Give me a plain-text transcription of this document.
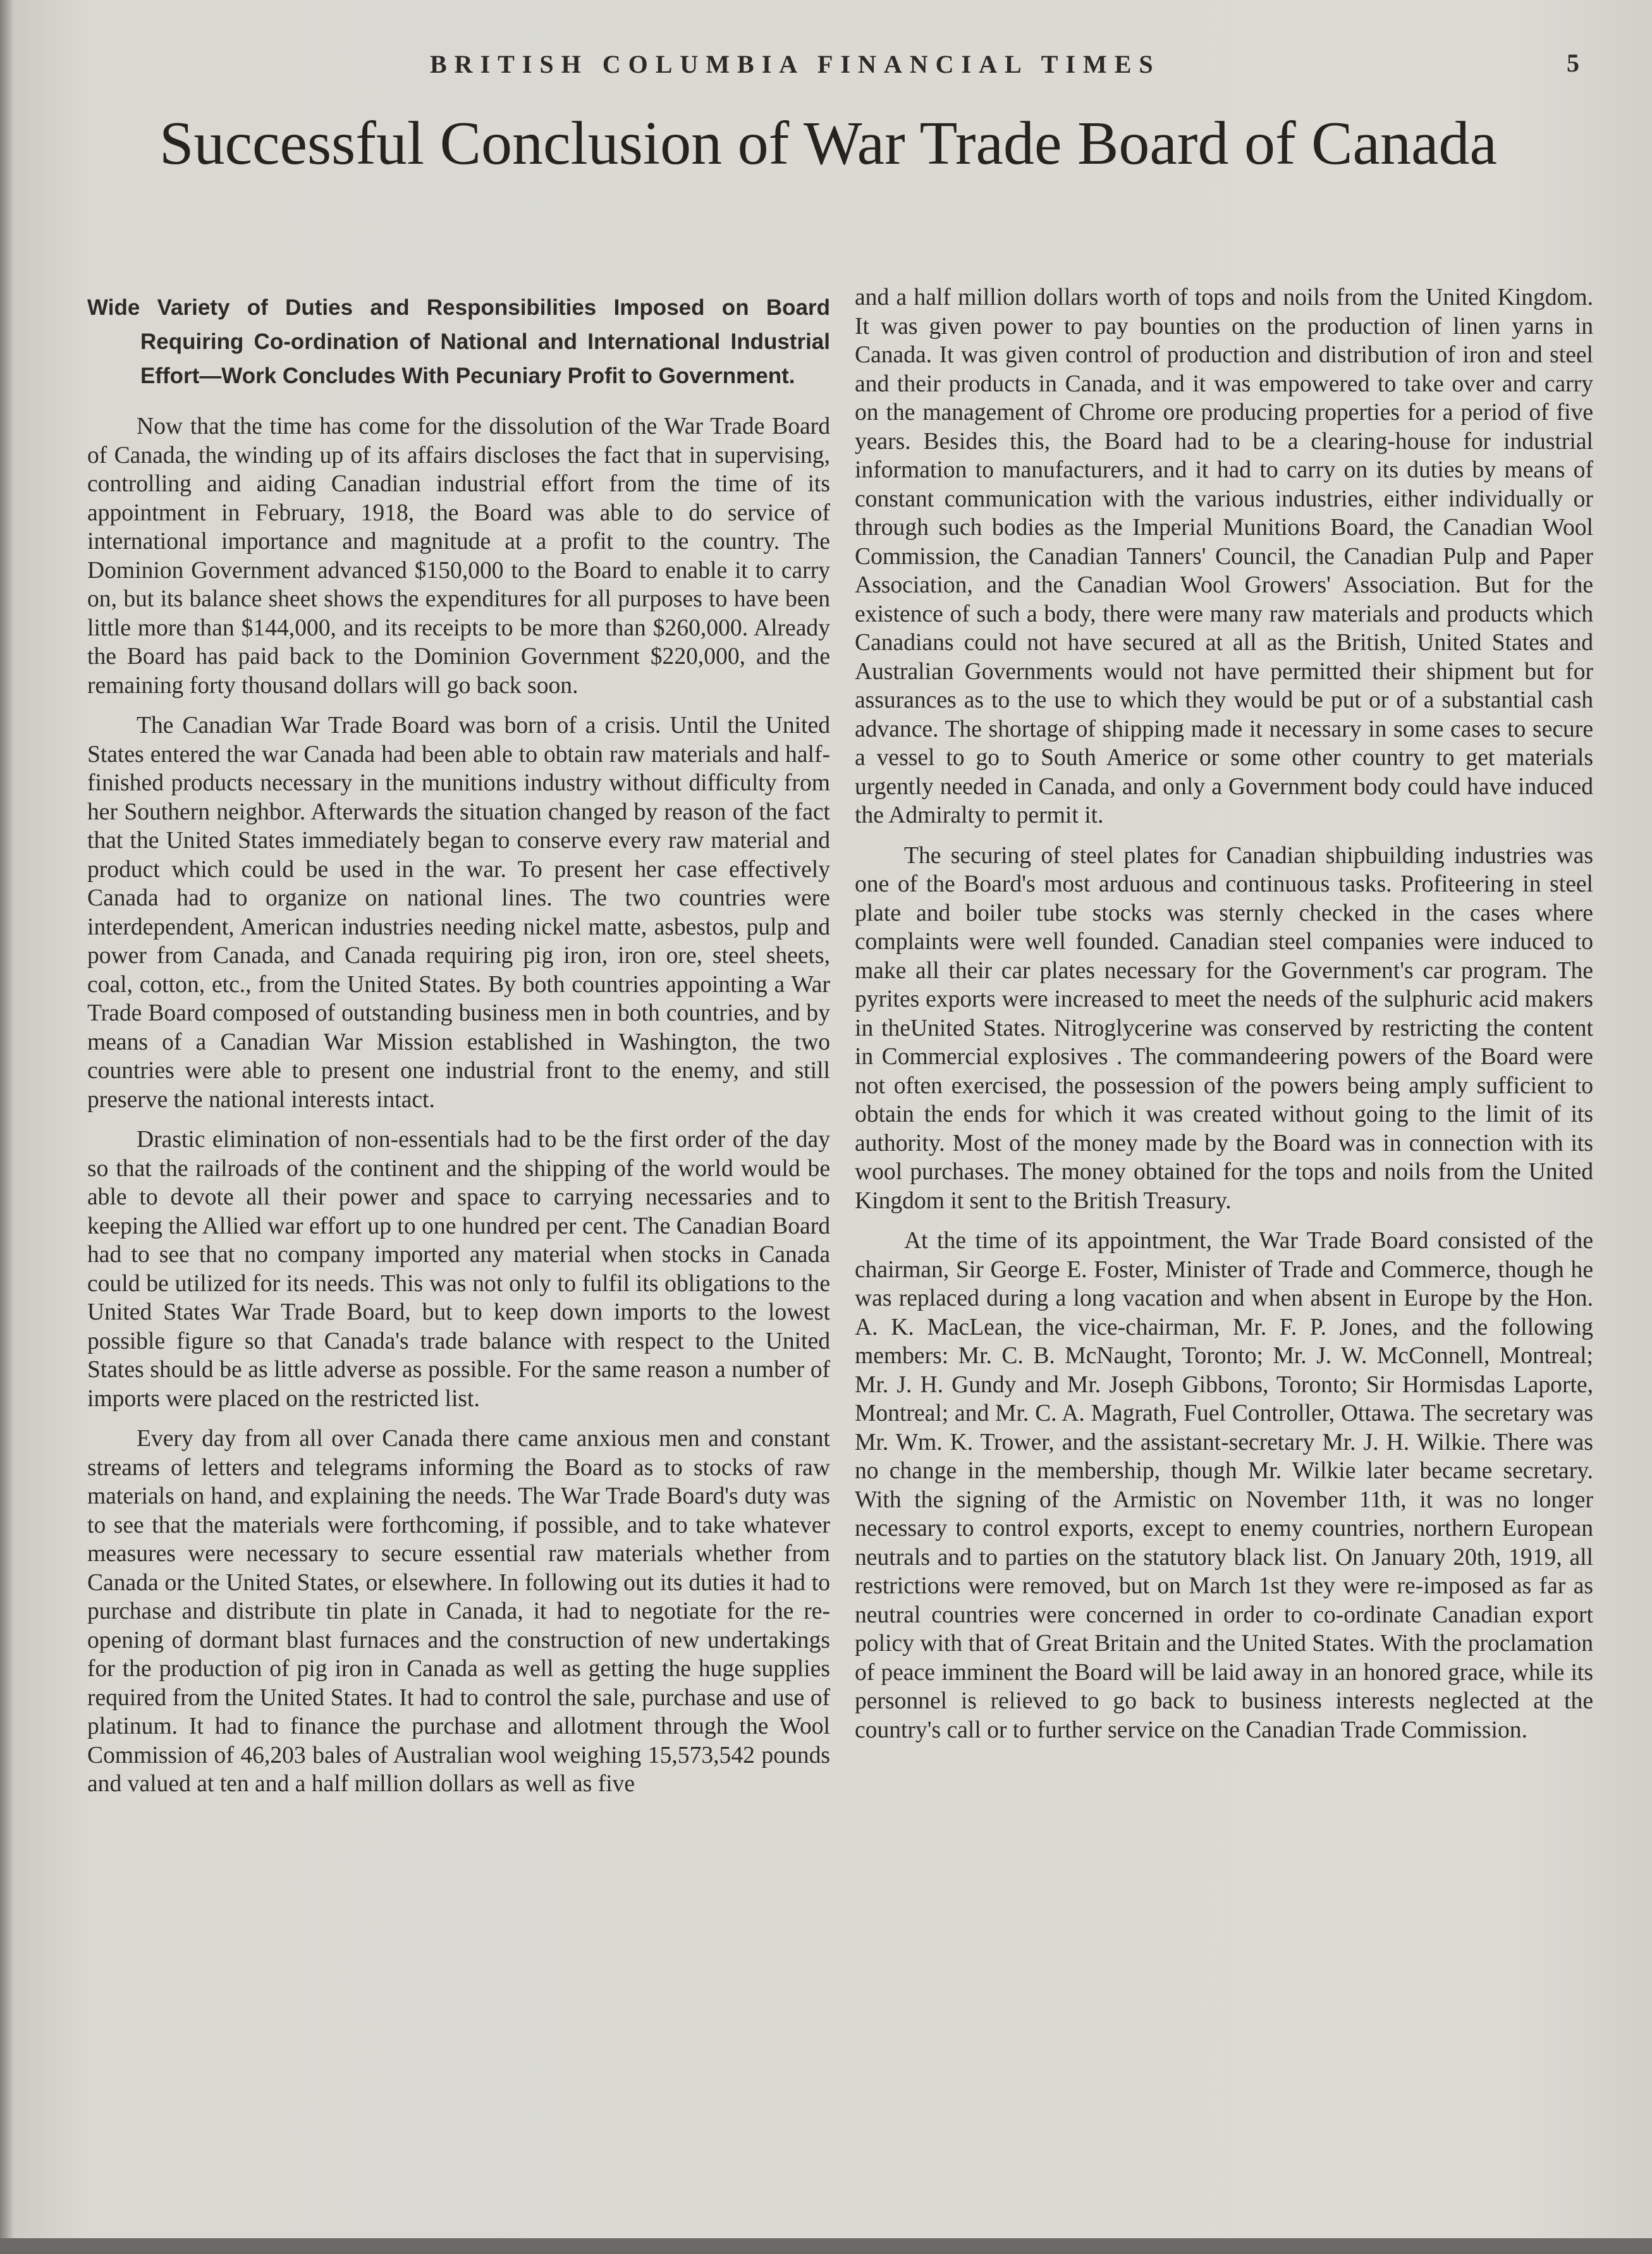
BRITISH COLUMBIA FINANCIAL TIMES	5
Successful Conclusion of War Trade Board of Canada
Wide Variety of Duties and Responsibilities Imposed on Board Requiring Co-ordination of National and International Industrial Effort—Work Concludes With Pecuniary Profit to Government.

Now that the time has come for the dissolution of the War Trade Board of Canada, the winding up of its affairs discloses the fact that in supervising, controlling and aiding Canadian industrial effort from the time of its appointment in February, 1918, the Board was able to do service of international importance and magnitude at a profit to the country. The Dominion Government advanced $150,000 to the Board to enable it to carry on, but its balance sheet shows the expenditures for all purposes to have been little more than $144,000, and its receipts to be more than $260,000. Already the Board has paid back to the Dominion Government $220,000, and the remaining forty thousand dollars will go back soon.

The Canadian War Trade Board was born of a crisis. Until the United States entered the war Canada had been able to obtain raw materials and half-finished products necessary in the munitions industry without difficulty from her Southern neighbor. Afterwards the situation changed by reason of the fact that the United States immediately began to conserve every raw material and product which could be used in the war. To present her case effectively Canada had to organize on national lines. The two countries were interdependent, American industries needing nickel matte, asbestos, pulp and power from Canada, and Canada requiring pig iron, iron ore, steel sheets, coal, cotton, etc., from the United States. By both countries appointing a War Trade Board composed of outstanding business men in both countries, and by means of a Canadian War Mission established in Washington, the two countries were able to present one industrial front to the enemy, and still preserve the national interests intact.

Drastic elimination of non-essentials had to be the first order of the day so that the railroads of the continent and the shipping of the world would be able to devote all their power and space to carrying necessaries and to keeping the Allied war effort up to one hundred per cent. The Canadian Board had to see that no company imported any material when stocks in Canada could be utilized for its needs. This was not only to fulfil its obligations to the United States War Trade Board, but to keep down imports to the lowest possible figure so that Canada's trade balance with respect to the United States should be as little adverse as possible. For the same reason a number of imports were placed on the restricted list.

Every day from all over Canada there came anxious men and constant streams of letters and telegrams informing the Board as to stocks of raw materials on hand, and explaining the needs. The War Trade Board's duty was to see that the materials were forthcoming, if possible, and to take whatever measures were necessary to secure essential raw materials whether from Canada or the United States, or elsewhere. In following out its duties it had to purchase and distribute tin plate in Canada, it had to negotiate for the re-opening of dormant blast furnaces and the construction of new undertakings for the production of pig iron in Canada as well as getting the huge supplies required from the United States. It had to control the sale, purchase and use of platinum. It had to finance the purchase and allotment through the Wool Commission of 46,203 bales of Australian wool weighing 15,573,542 pounds and valued at ten and a half million dollars as well as five

and a half million dollars worth of tops and noils from the United Kingdom. It was given power to pay bounties on the production of linen yarns in Canada. It was given control of production and distribution of iron and steel and their products in Canada, and it was empowered to take over and carry on the management of Chrome ore producing properties for a period of five years. Besides this, the Board had to be a clearing-house for industrial information to manufacturers, and it had to carry on its duties by means of constant communication with the various industries, either individually or through such bodies as the Imperial Munitions Board, the Canadian Wool Commission, the Canadian Tanners' Council, the Canadian Pulp and Paper Association, and the Canadian Wool Growers' Association. But for the existence of such a body, there were many raw materials and products which Canadians could not have secured at all as the British, United States and Australian Governments would not have permitted their shipment but for assurances as to the use to which they would be put or of a substantial cash advance. The shortage of shipping made it necessary in some cases to secure a vessel to go to South Americe or some other country to get materials urgently needed in Canada, and only a Government body could have induced the Admiralty to permit it.

The securing of steel plates for Canadian shipbuilding industries was one of the Board's most arduous and continuous tasks. Profiteering in steel plate and boiler tube stocks was sternly checked in the cases where complaints were well founded. Canadian steel companies were induced to make all their car plates necessary for the Government's car program. The pyrites exports were increased to meet the needs of the sulphuric acid makers in theUnited States. Nitroglycerine was conserved by restricting the content in Commercial explosives . The commandeering powers of the Board were not often exercised, the possession of the powers being amply sufficient to obtain the ends for which it was created without going to the limit of its authority. Most of the money made by the Board was in connection with its wool purchases. The money obtained for the tops and noils from the United Kingdom it sent to the British Treasury.

At the time of its appointment, the War Trade Board consisted of the chairman, Sir George E. Foster, Minister of Trade and Commerce, though he was replaced during a long vacation and when absent in Europe by the Hon. A. K. MacLean, the vice-chairman, Mr. F. P. Jones, and the following members: Mr. C. B. McNaught, Toronto; Mr. J. W. McConnell, Montreal; Mr. J. H. Gundy and Mr. Joseph Gibbons, Toronto; Sir Hormisdas Laporte, Montreal; and Mr. C. A. Magrath, Fuel Controller, Ottawa. The secretary was Mr. Wm. K. Trower, and the assistant-secretary Mr. J. H. Wilkie. There was no change in the membership, though Mr. Wilkie later became secretary. With the signing of the Armistic on November 11th, it was no longer necessary to control exports, except to enemy countries, northern European neutrals and to parties on the statutory black list. On January 20th, 1919, all restrictions were removed, but on March 1st they were re-imposed as far as neutral countries were concerned in order to co-ordinate Canadian export policy with that of Great Britain and the United States. With the proclamation of peace imminent the Board will be laid away in an honored grace, while its personnel is relieved to go back to business interests neglected at the country's call or to further service on the Canadian Trade Commission.
